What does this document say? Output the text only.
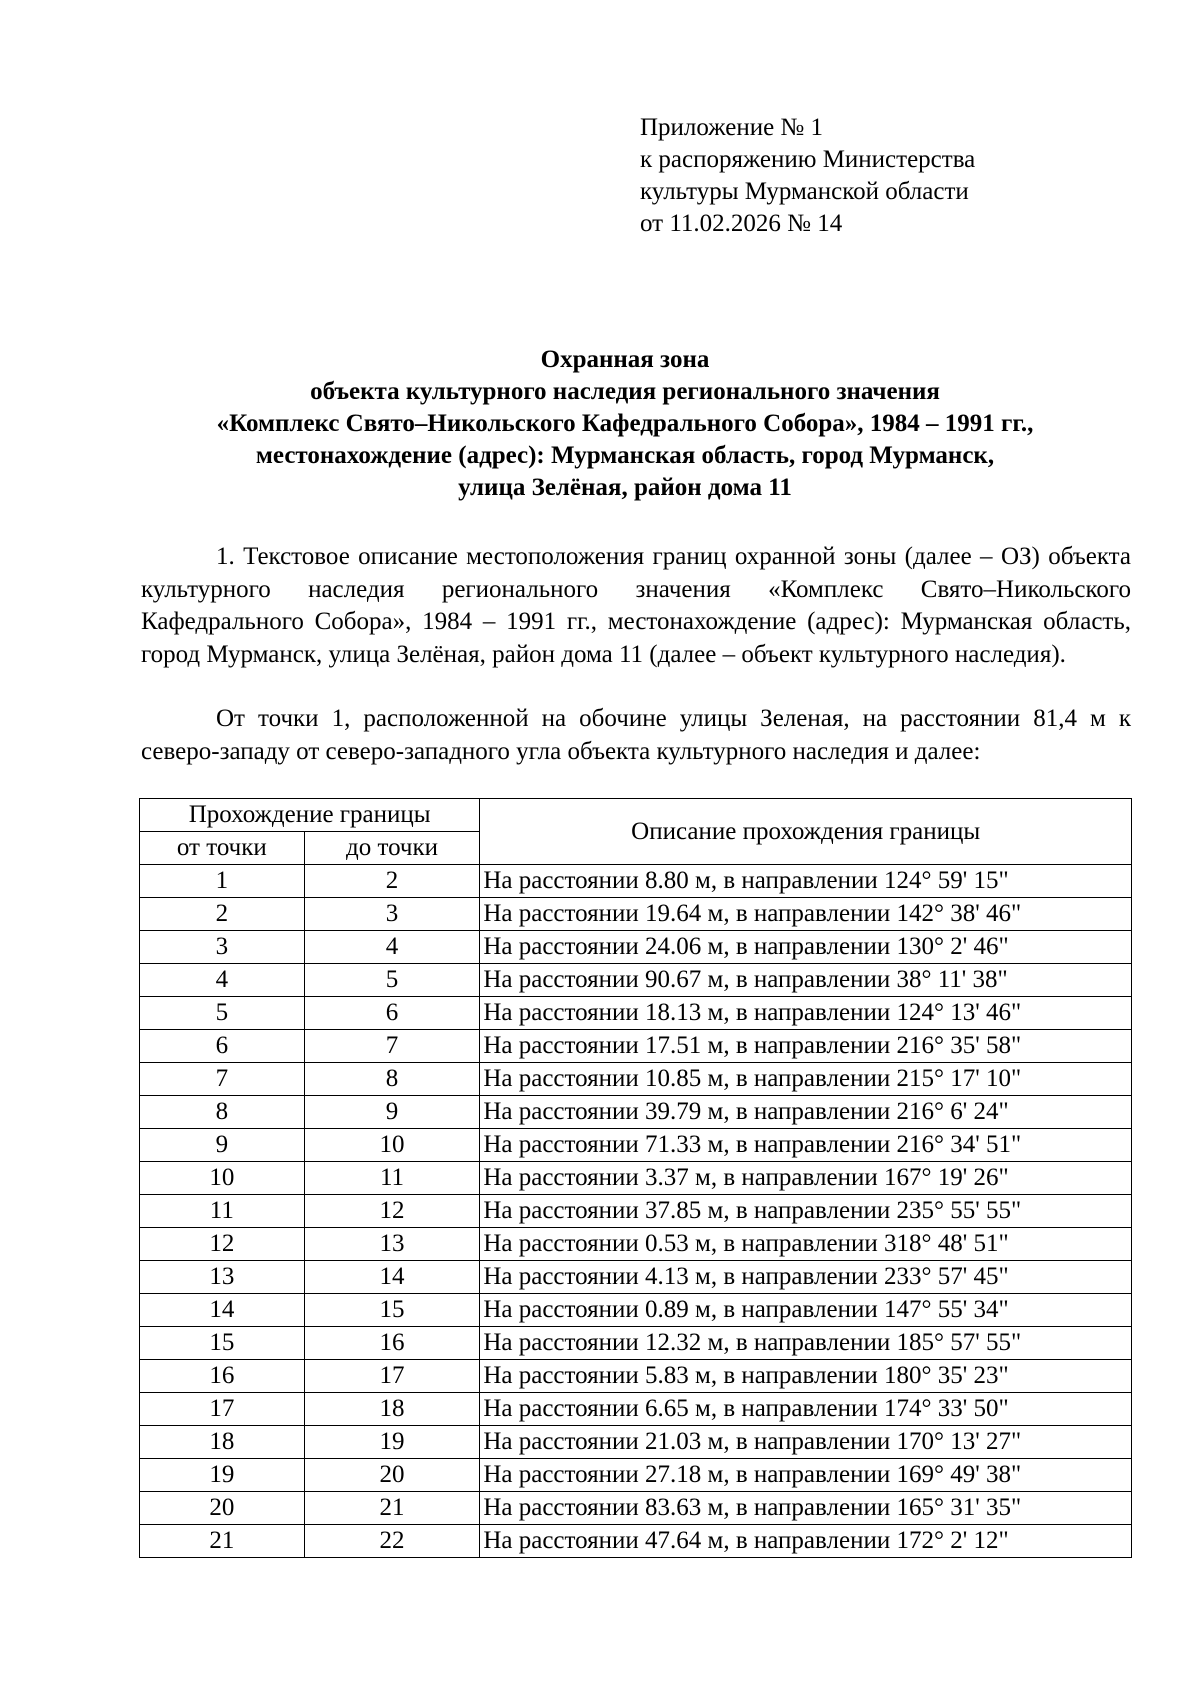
Приложение № 1
к распоряжению Министерства
культуры Мурманской области
от 11.02.2026 № 14
Охранная зона
объекта культурного наследия регионального значения
«Комплекс Свято–Никольского Кафедрального Собора», 1984 – 1991 гг.,
местонахождение (адрес): Мурманская область, город Мурманск,
улица Зелёная, район дома 11
1. Текстовое описание местоположения границ охранной зоны (далее – ОЗ) объекта культурного наследия регионального значения «Комплекс Свято–Никольского Кафедрального Собора», 1984 – 1991 гг., местонахождение (адрес): Мурманская область, город Мурманск, улица Зелёная, район дома 11 (далее – объект культурного наследия).
От точки 1, расположенной на обочине улицы Зеленая, на расстоянии 81,4 м к северо-западу от северо-западного угла объекта культурного наследия и далее:
Прохождение границы		Описание прохождения границы
от точки	до точки	
1	2	На расстоянии 8.80 м, в направлении 124° 59' 15"
2	3	На расстоянии 19.64 м, в направлении 142° 38' 46"
3	4	На расстоянии 24.06 м, в направлении 130° 2' 46"
4	5	На расстоянии 90.67 м, в направлении 38° 11' 38"
5	6	На расстоянии 18.13 м, в направлении 124° 13' 46"
6	7	На расстоянии 17.51 м, в направлении 216° 35' 58"
7	8	На расстоянии 10.85 м, в направлении 215° 17' 10"
8	9	На расстоянии 39.79 м, в направлении 216° 6' 24"
9	10	На расстоянии 71.33 м, в направлении 216° 34' 51"
10	11	На расстоянии 3.37 м, в направлении 167° 19' 26"
11	12	На расстоянии 37.85 м, в направлении 235° 55' 55"
12	13	На расстоянии 0.53 м, в направлении 318° 48' 51"
13	14	На расстоянии 4.13 м, в направлении 233° 57' 45"
14	15	На расстоянии 0.89 м, в направлении 147° 55' 34"
15	16	На расстоянии 12.32 м, в направлении 185° 57' 55"
16	17	На расстоянии 5.83 м, в направлении 180° 35' 23"
17	18	На расстоянии 6.65 м, в направлении 174° 33' 50"
18	19	На расстоянии 21.03 м, в направлении 170° 13' 27"
19	20	На расстоянии 27.18 м, в направлении 169° 49' 38"
20	21	На расстоянии 83.63 м, в направлении 165° 31' 35"
21	22	На расстоянии 47.64 м, в направлении 172° 2' 12"
